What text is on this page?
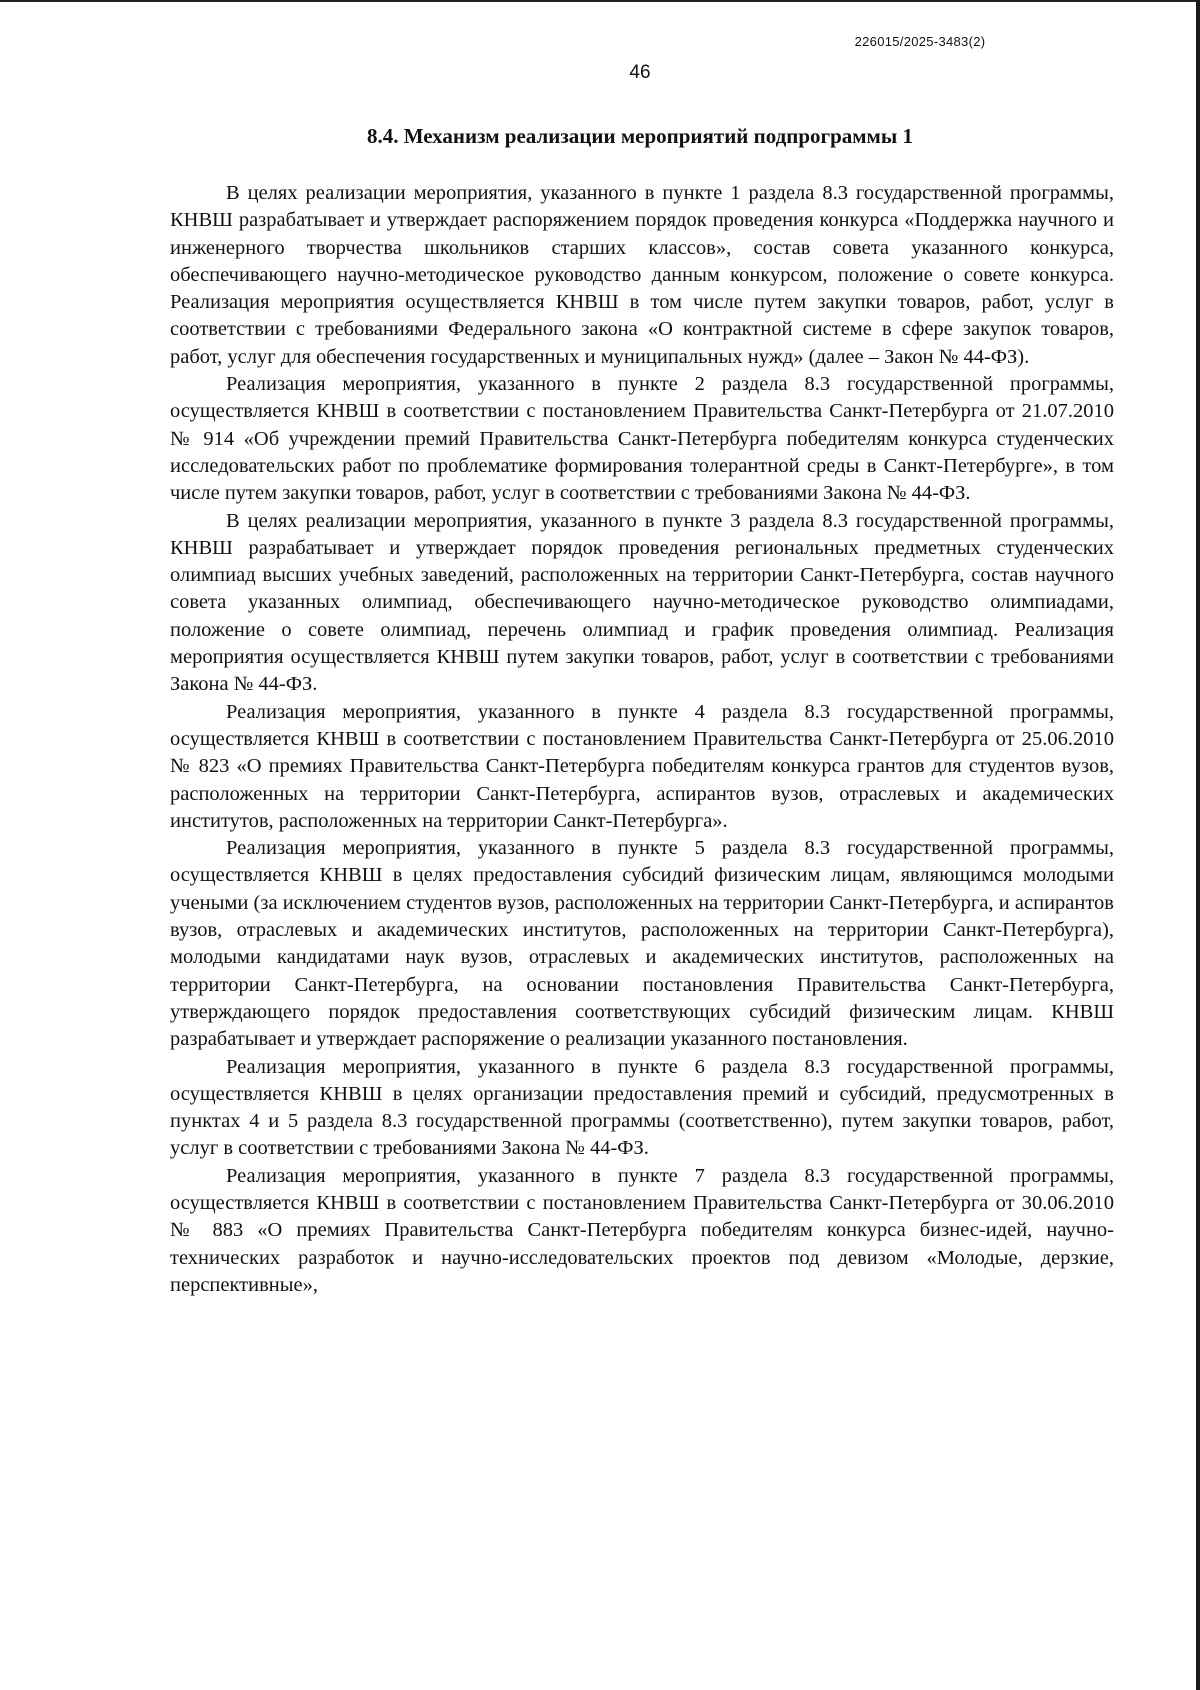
226015/2025-3483(2)
46
8.4. Механизм реализации мероприятий подпрограммы 1

В целях реализации мероприятия, указанного в пункте 1 раздела 8.3 государственной программы, КНВШ разрабатывает и утверждает распоряжением порядок проведения конкурса «Поддержка научного и инженерного творчества школьников старших классов», состав совета указанного конкурса, обеспечивающего научно-методическое руководство данным конкурсом, положение о совете конкурса. Реализация мероприятия осуществляется КНВШ в том числе путем закупки товаров, работ, услуг в соответствии с требованиями Федерального закона «О контрактной системе в сфере закупок товаров, работ, услуг для обеспечения государственных и муниципальных нужд» (далее – Закон № 44-ФЗ).

Реализация мероприятия, указанного в пункте 2 раздела 8.3 государственной программы, осуществляется КНВШ в соответствии с постановлением Правительства Санкт-Петербурга от 21.07.2010 № 914 «Об учреждении премий Правительства Санкт-Петербурга победителям конкурса студенческих исследовательских работ по проблематике формирования толерантной среды в Санкт-Петербурге», в том числе путем закупки товаров, работ, услуг в соответствии с требованиями Закона № 44-ФЗ.

В целях реализации мероприятия, указанного в пункте 3 раздела 8.3 государственной программы, КНВШ разрабатывает и утверждает порядок проведения региональных предметных студенческих олимпиад высших учебных заведений, расположенных на территории Санкт-Петербурга, состав научного совета указанных олимпиад, обеспечивающего научно-методическое руководство олимпиадами, положение о совете олимпиад, перечень олимпиад и график проведения олимпиад. Реализация мероприятия осуществляется КНВШ путем закупки товаров, работ, услуг в соответствии с требованиями Закона № 44-ФЗ.

Реализация мероприятия, указанного в пункте 4 раздела 8.3 государственной программы, осуществляется КНВШ в соответствии с постановлением Правительства Санкт-Петербурга от 25.06.2010 № 823 «О премиях Правительства Санкт-Петербурга победителям конкурса грантов для студентов вузов, расположенных на территории Санкт-Петербурга, аспирантов вузов, отраслевых и академических институтов, расположенных на территории Санкт-Петербурга».

Реализация мероприятия, указанного в пункте 5 раздела 8.3 государственной программы, осуществляется КНВШ в целях предоставления субсидий физическим лицам, являющимся молодыми учеными (за исключением студентов вузов, расположенных на территории Санкт-Петербурга, и аспирантов вузов, отраслевых и академических институтов, расположенных на территории Санкт-Петербурга), молодыми кандидатами наук вузов, отраслевых и академических институтов, расположенных на территории Санкт-Петербурга, на основании постановления Правительства Санкт-Петербурга, утверждающего порядок предоставления соответствующих субсидий физическим лицам. КНВШ разрабатывает и утверждает распоряжение о реализации указанного постановления.

Реализация мероприятия, указанного в пункте 6 раздела 8.3 государственной программы, осуществляется КНВШ в целях организации предоставления премий и субсидий, предусмотренных в пунктах 4 и 5 раздела 8.3 государственной программы (соответственно), путем закупки товаров, работ, услуг в соответствии с требованиями Закона № 44-ФЗ.

Реализация мероприятия, указанного в пункте 7 раздела 8.3 государственной программы, осуществляется КНВШ в соответствии с постановлением Правительства Санкт-Петербурга от 30.06.2010 № 883 «О премиях Правительства Санкт-Петербурга победителям конкурса бизнес-идей, научно-технических разработок и научно-исследовательских проектов под девизом «Молодые, дерзкие, перспективные»,
